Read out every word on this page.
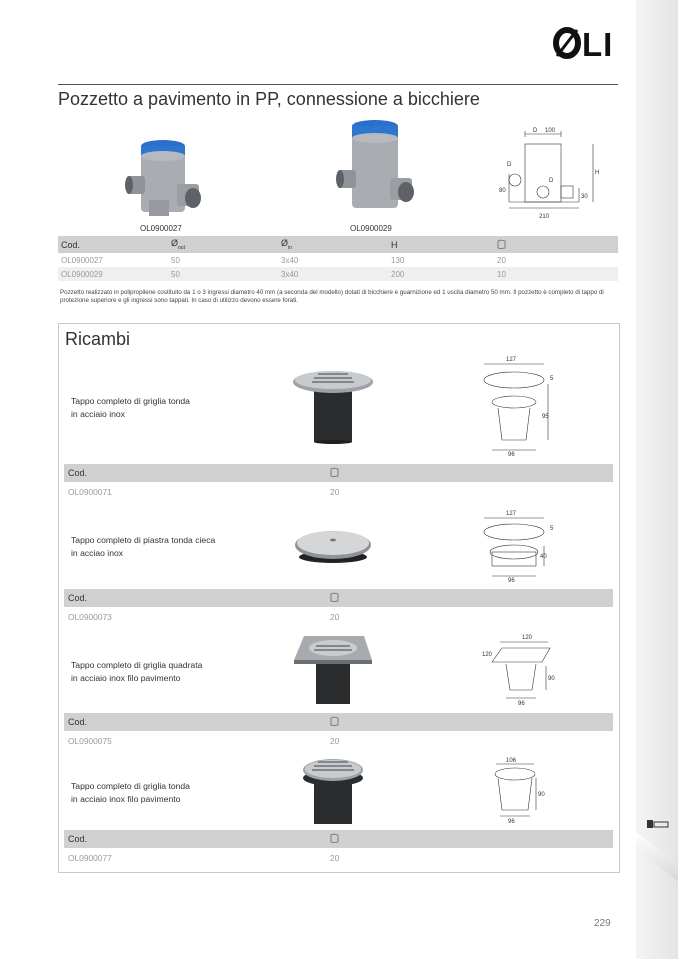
LI
Pozzetto a pavimento in PP, connessione a bicchiere
OL0900027	OL0900029
D 100
H
80
210
30
D
D
Cod.	$Ø_{out}$	$Ø_{in}$	H	
OL0900027	50	3x40	130	20
OL0900029	50	3x40	200	10
Pozzetto realizzato in polipropilene costituito da 1 o 3 ingressi diametro 40 mm (a seconda del modello) dotati di bicchiere e guarnizione ed 1 uscita diametro 50 mm. Il pozzetto è completo di tappo di protezione superiore e gli ingressi sono tappati. In caso di utilizzo devono essere forati.
Ricambi
Tappo completo di griglia tonda
in acciaio inox
127
5
95
96
Cod.
OL0900071	20
Tappo completo di piastra tonda cieca
in acciao inox
127
5
40
96
Cod.
OL0900073	20
Tappo completo di griglia quadrata
in acciaio inox filo pavimento
120
120
90
96
Cod.
OL0900075	20
Tappo completo di griglia tonda
in acciaio inox filo pavimento
106
90
96
Cod.
OL0900077	20
229
